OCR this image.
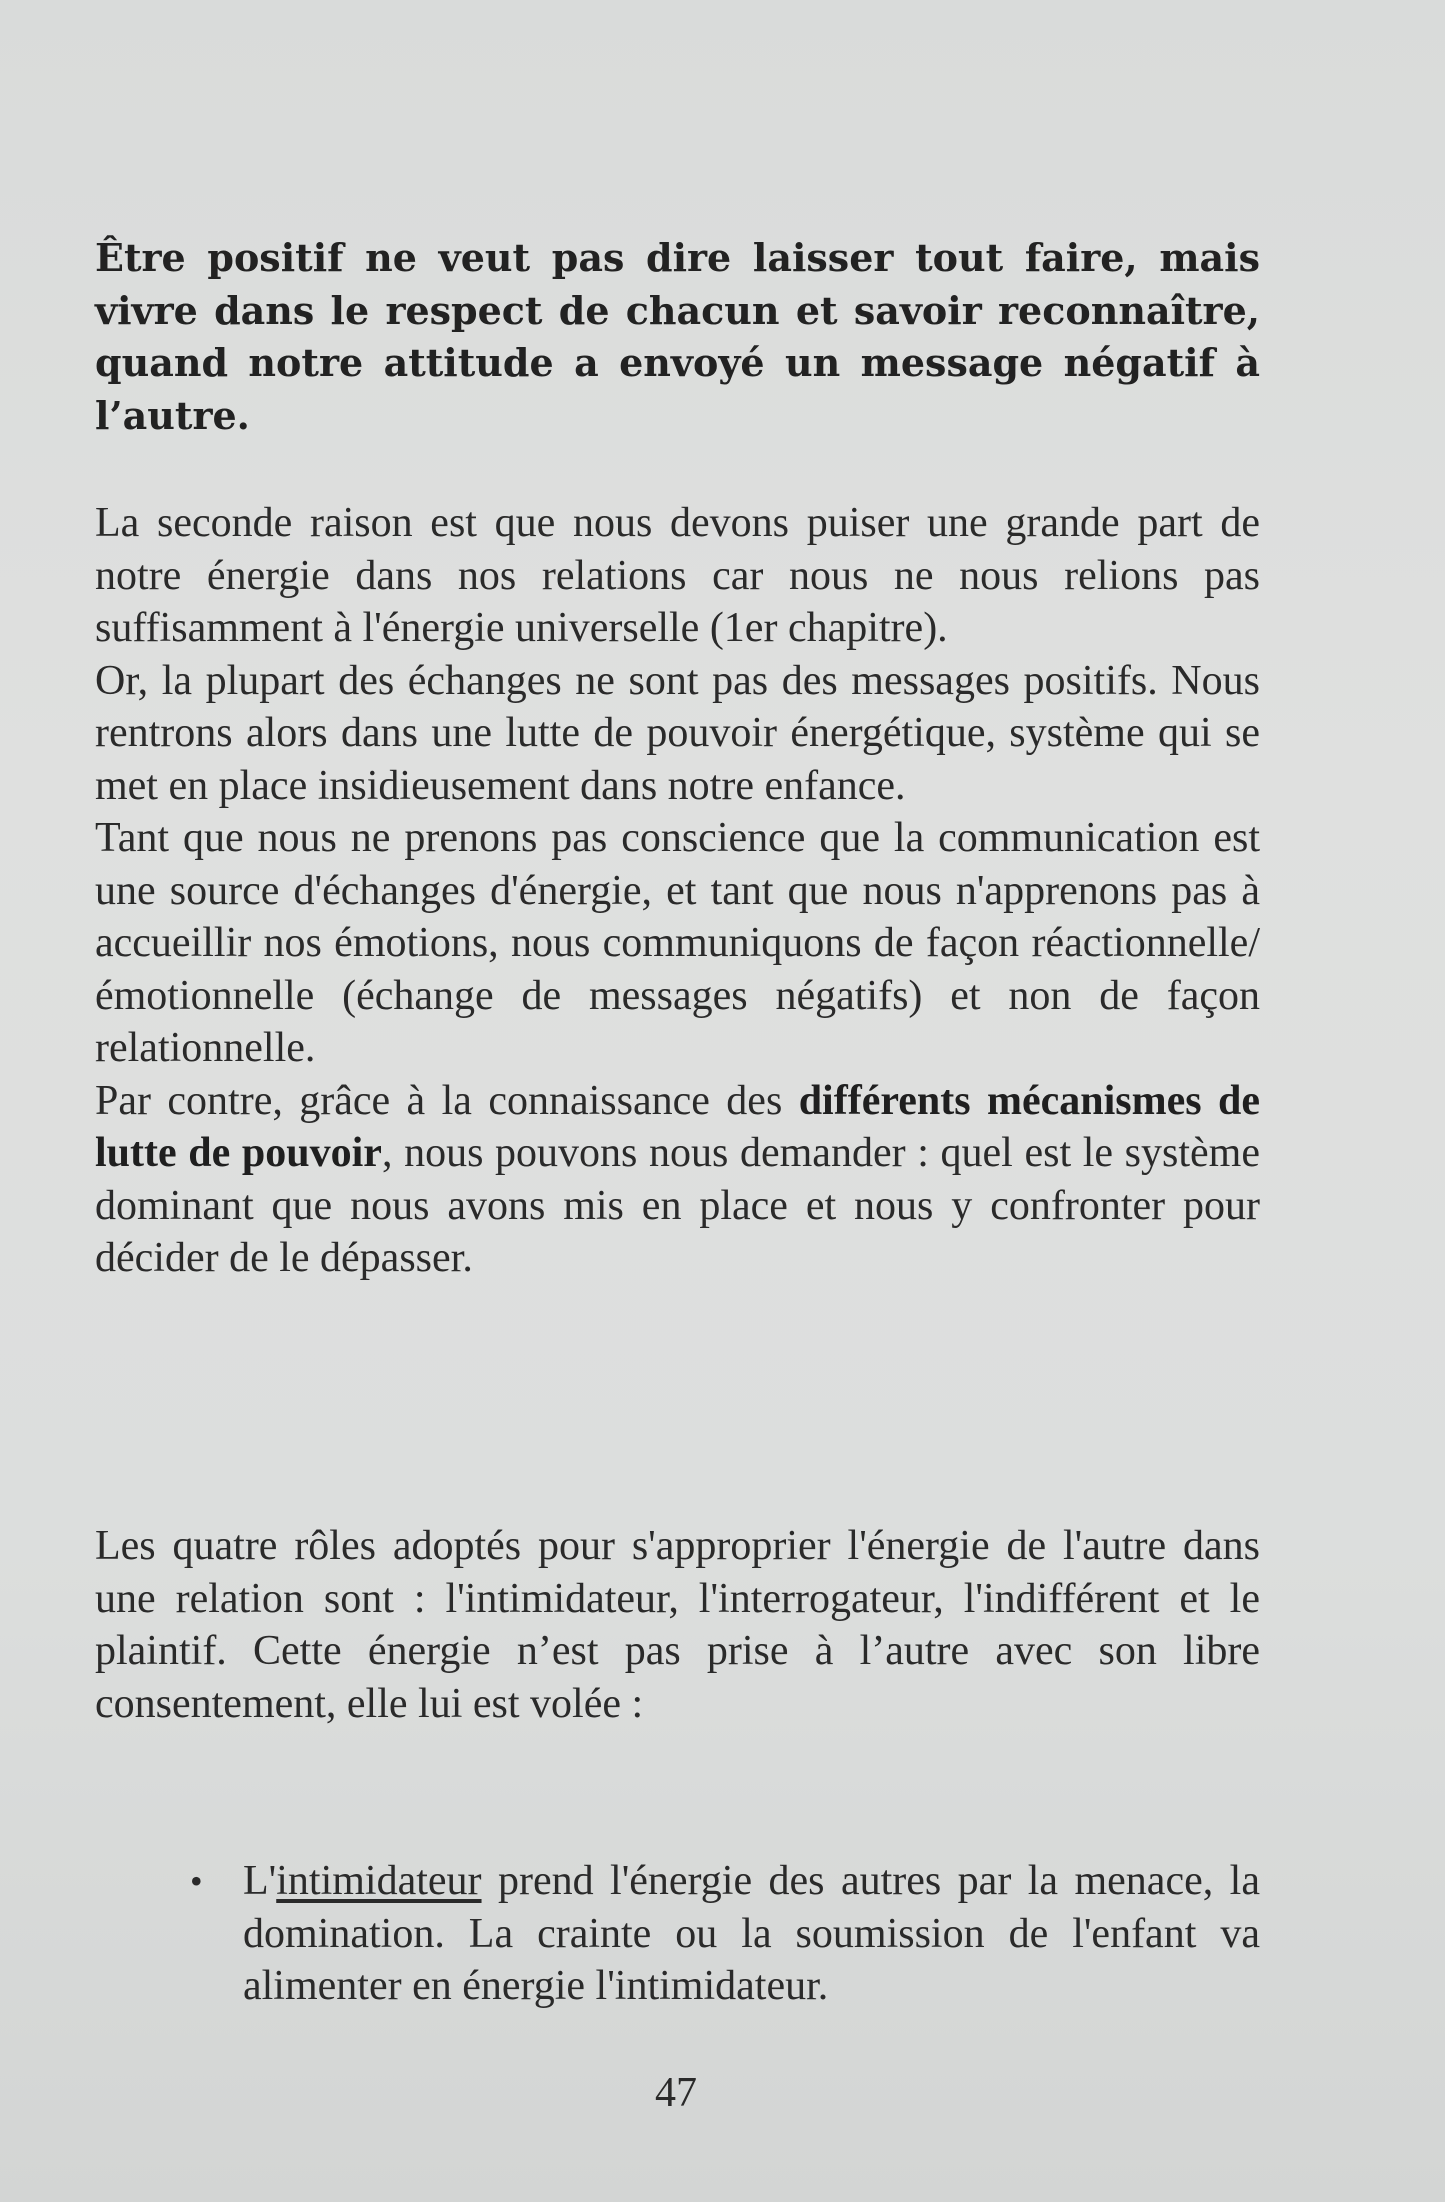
Être positif ne veut pas dire laisser tout faire, mais vivre dans le respect de chacun et savoir reconnaître, quand notre attitude a envoyé un message négatif à l’autre.

La seconde raison est que nous devons puiser une grande part de notre énergie dans nos relations car nous ne nous relions pas suffisamment à l'énergie universelle (1er chapitre).

Or, la plupart des échanges ne sont pas des messages positifs. Nous rentrons alors dans une lutte de pouvoir énergétique, système qui se met en place insidieusement dans notre enfance.

Tant que nous ne prenons pas conscience que la communication est une source d'échanges d'énergie, et tant que nous n'apprenons pas à accueillir nos émotions, nous communiquons de façon réactionnelle/émotionnelle (échange de messages négatifs) et non de façon relationnelle.

Par contre, grâce à la connaissance des différents mécanismes de lutte de pouvoir, nous pouvons nous demander : quel est le système dominant que nous avons mis en place et nous y confronter pour décider de le dépasser.

Les quatre rôles adoptés pour s'approprier l'énergie de l'autre dans une relation sont : l'intimidateur, l'interrogateur, l'indifférent et le plaintif. Cette énergie n’est pas prise à l’autre avec son libre consentement, elle lui est volée :

• L'intimidateur prend l'énergie des autres par la menace, la domination. La crainte ou la soumission de l'enfant va alimenter en énergie l'intimidateur.
47
